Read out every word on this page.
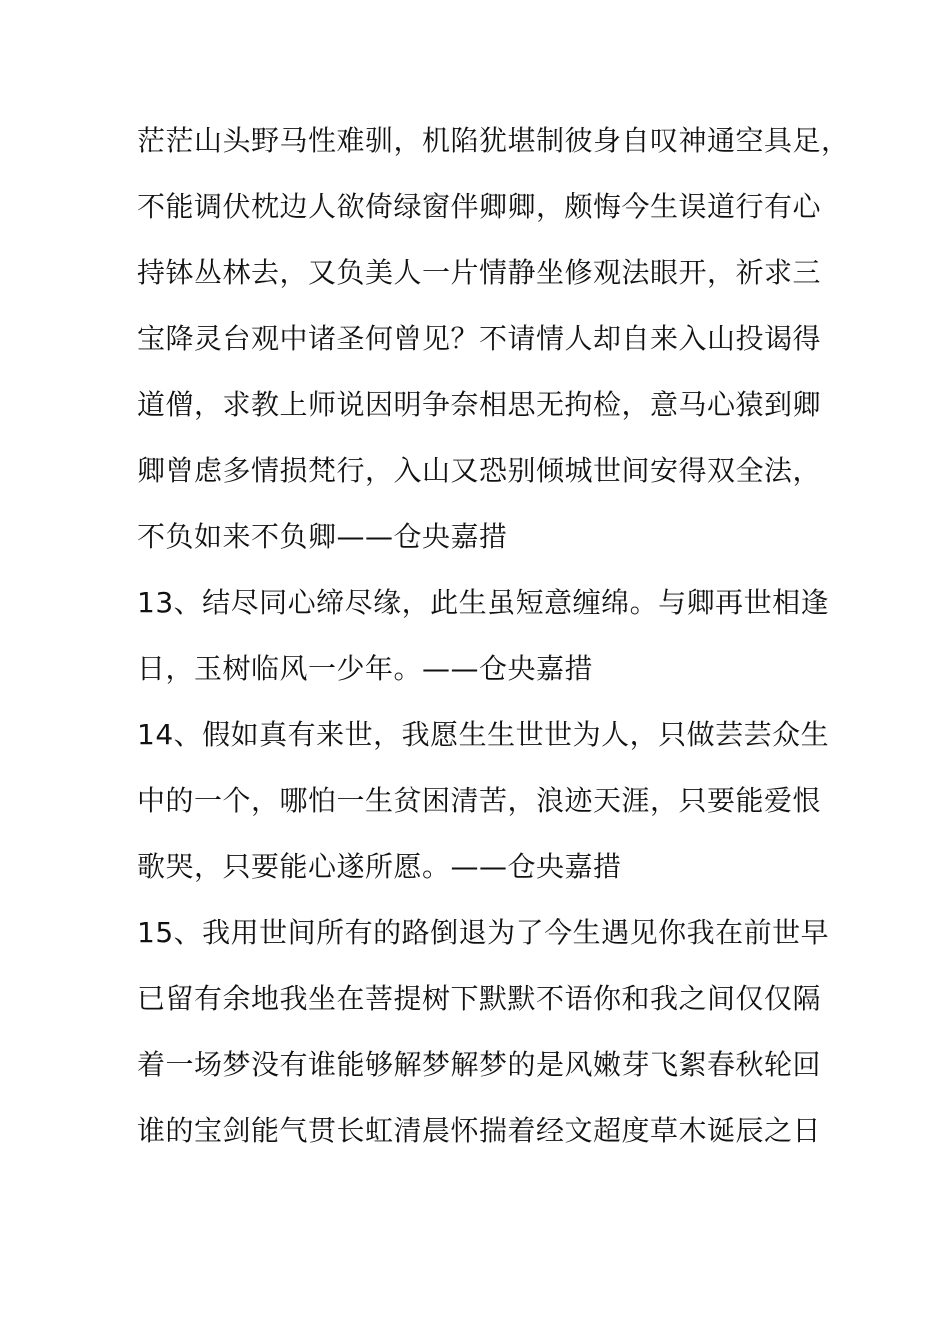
茫茫山头野马性难驯，机陷犹堪制彼身自叹神通空具足，
不能调伏枕边人欲倚绿窗伴卿卿，颇悔今生误道行有心
持钵丛林去，又负美人一片情静坐修观法眼开，祈求三
宝降灵台观中诸圣何曾见？不请情人却自来入山投谒得
道僧，求教上师说因明争奈相思无拘检，意马心猿到卿
卿曾虑多情损梵行，入山又恐别倾城世间安得双全法，
不负如来不负卿——仓央嘉措
13、结尽同心缔尽缘，此生虽短意缠绵。与卿再世相逢
日，玉树临风一少年。——仓央嘉措
14、假如真有来世，我愿生生世世为人，只做芸芸众生
中的一个，哪怕一生贫困清苦，浪迹天涯，只要能爱恨
歌哭，只要能心遂所愿。——仓央嘉措
15、我用世间所有的路倒退为了今生遇见你我在前世早
已留有余地我坐在菩提树下默默不语你和我之间仅仅隔
着一场梦没有谁能够解梦解梦的是风嫩芽飞絮春秋轮回
谁的宝剑能气贯长虹清晨怀揣着经文超度草木诞辰之日
